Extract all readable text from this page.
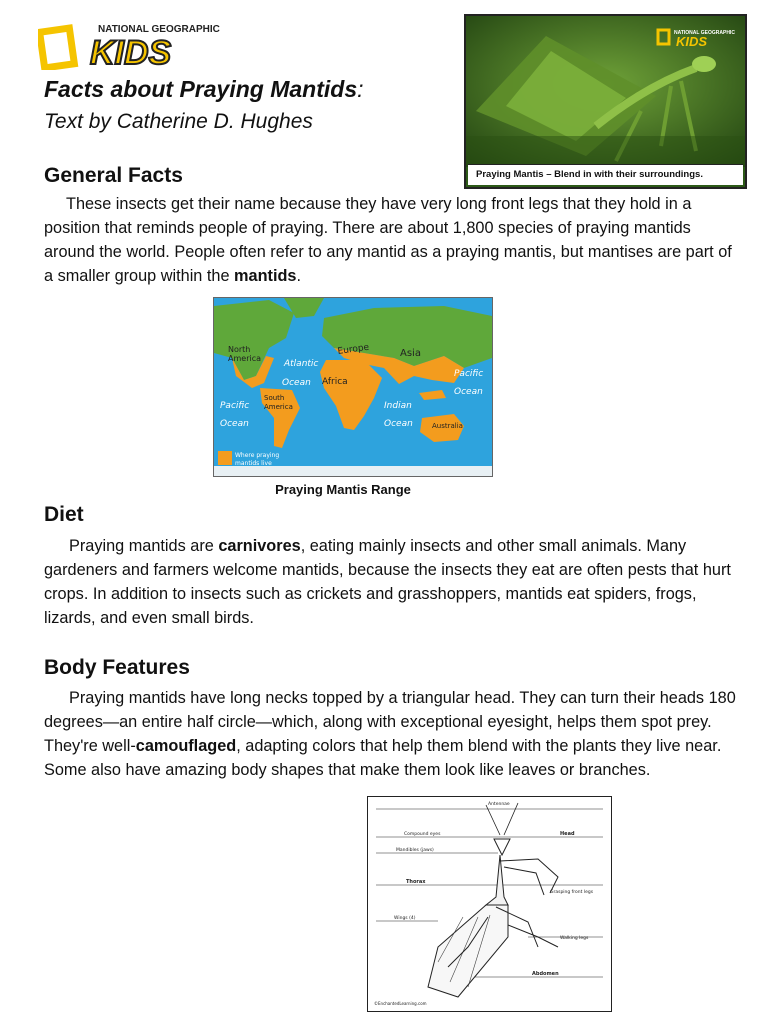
NATIONAL GEOGRAPHIC
KIDS
Facts about Praying Mantids:

Text by Catherine D. Hughes

NATIONAL GEOGRAPHIC
KIDS
Praying Mantis – Blend in with their surroundings.
General Facts

These insects get their name because they have very long front legs that they hold in a position that reminds people of praying. There are about 1,800 species of praying mantids around the world. People often refer to any mantid as a praying mantis, but mantises are part of a smaller group within the mantids.

North
America
Atlantic
Ocean
Europe	Asia
Africa
Pacific
Ocean
South
America
Pacific
Ocean
Indian
Ocean	Australia
Where praying
mantids live
Praying Mantis Range
Diet

Praying mantids are carnivores, eating mainly insects and other small animals. Many gardeners and farmers welcome mantids, because the insects they eat are often pests that hurt crops. In addition to insects such as crickets and grasshoppers, mantids eat spiders, frogs, lizards, and even small birds.

Body Features

Praying mantids have long necks topped by a triangular head. They can turn their heads 180 degrees—an entire half circle—which, along with exceptional eyesight, helps them spot prey. They're well-camouflaged, adapting colors that help them blend with the plants they live near. Some also have amazing body shapes that make them look like leaves or branches.

Antennae
Head
Compound eyes
Mandibles (jaws)
Thorax
Grasping front legs
Wings (4)
Walking legs
Abdomen
©EnchantedLearning.com
